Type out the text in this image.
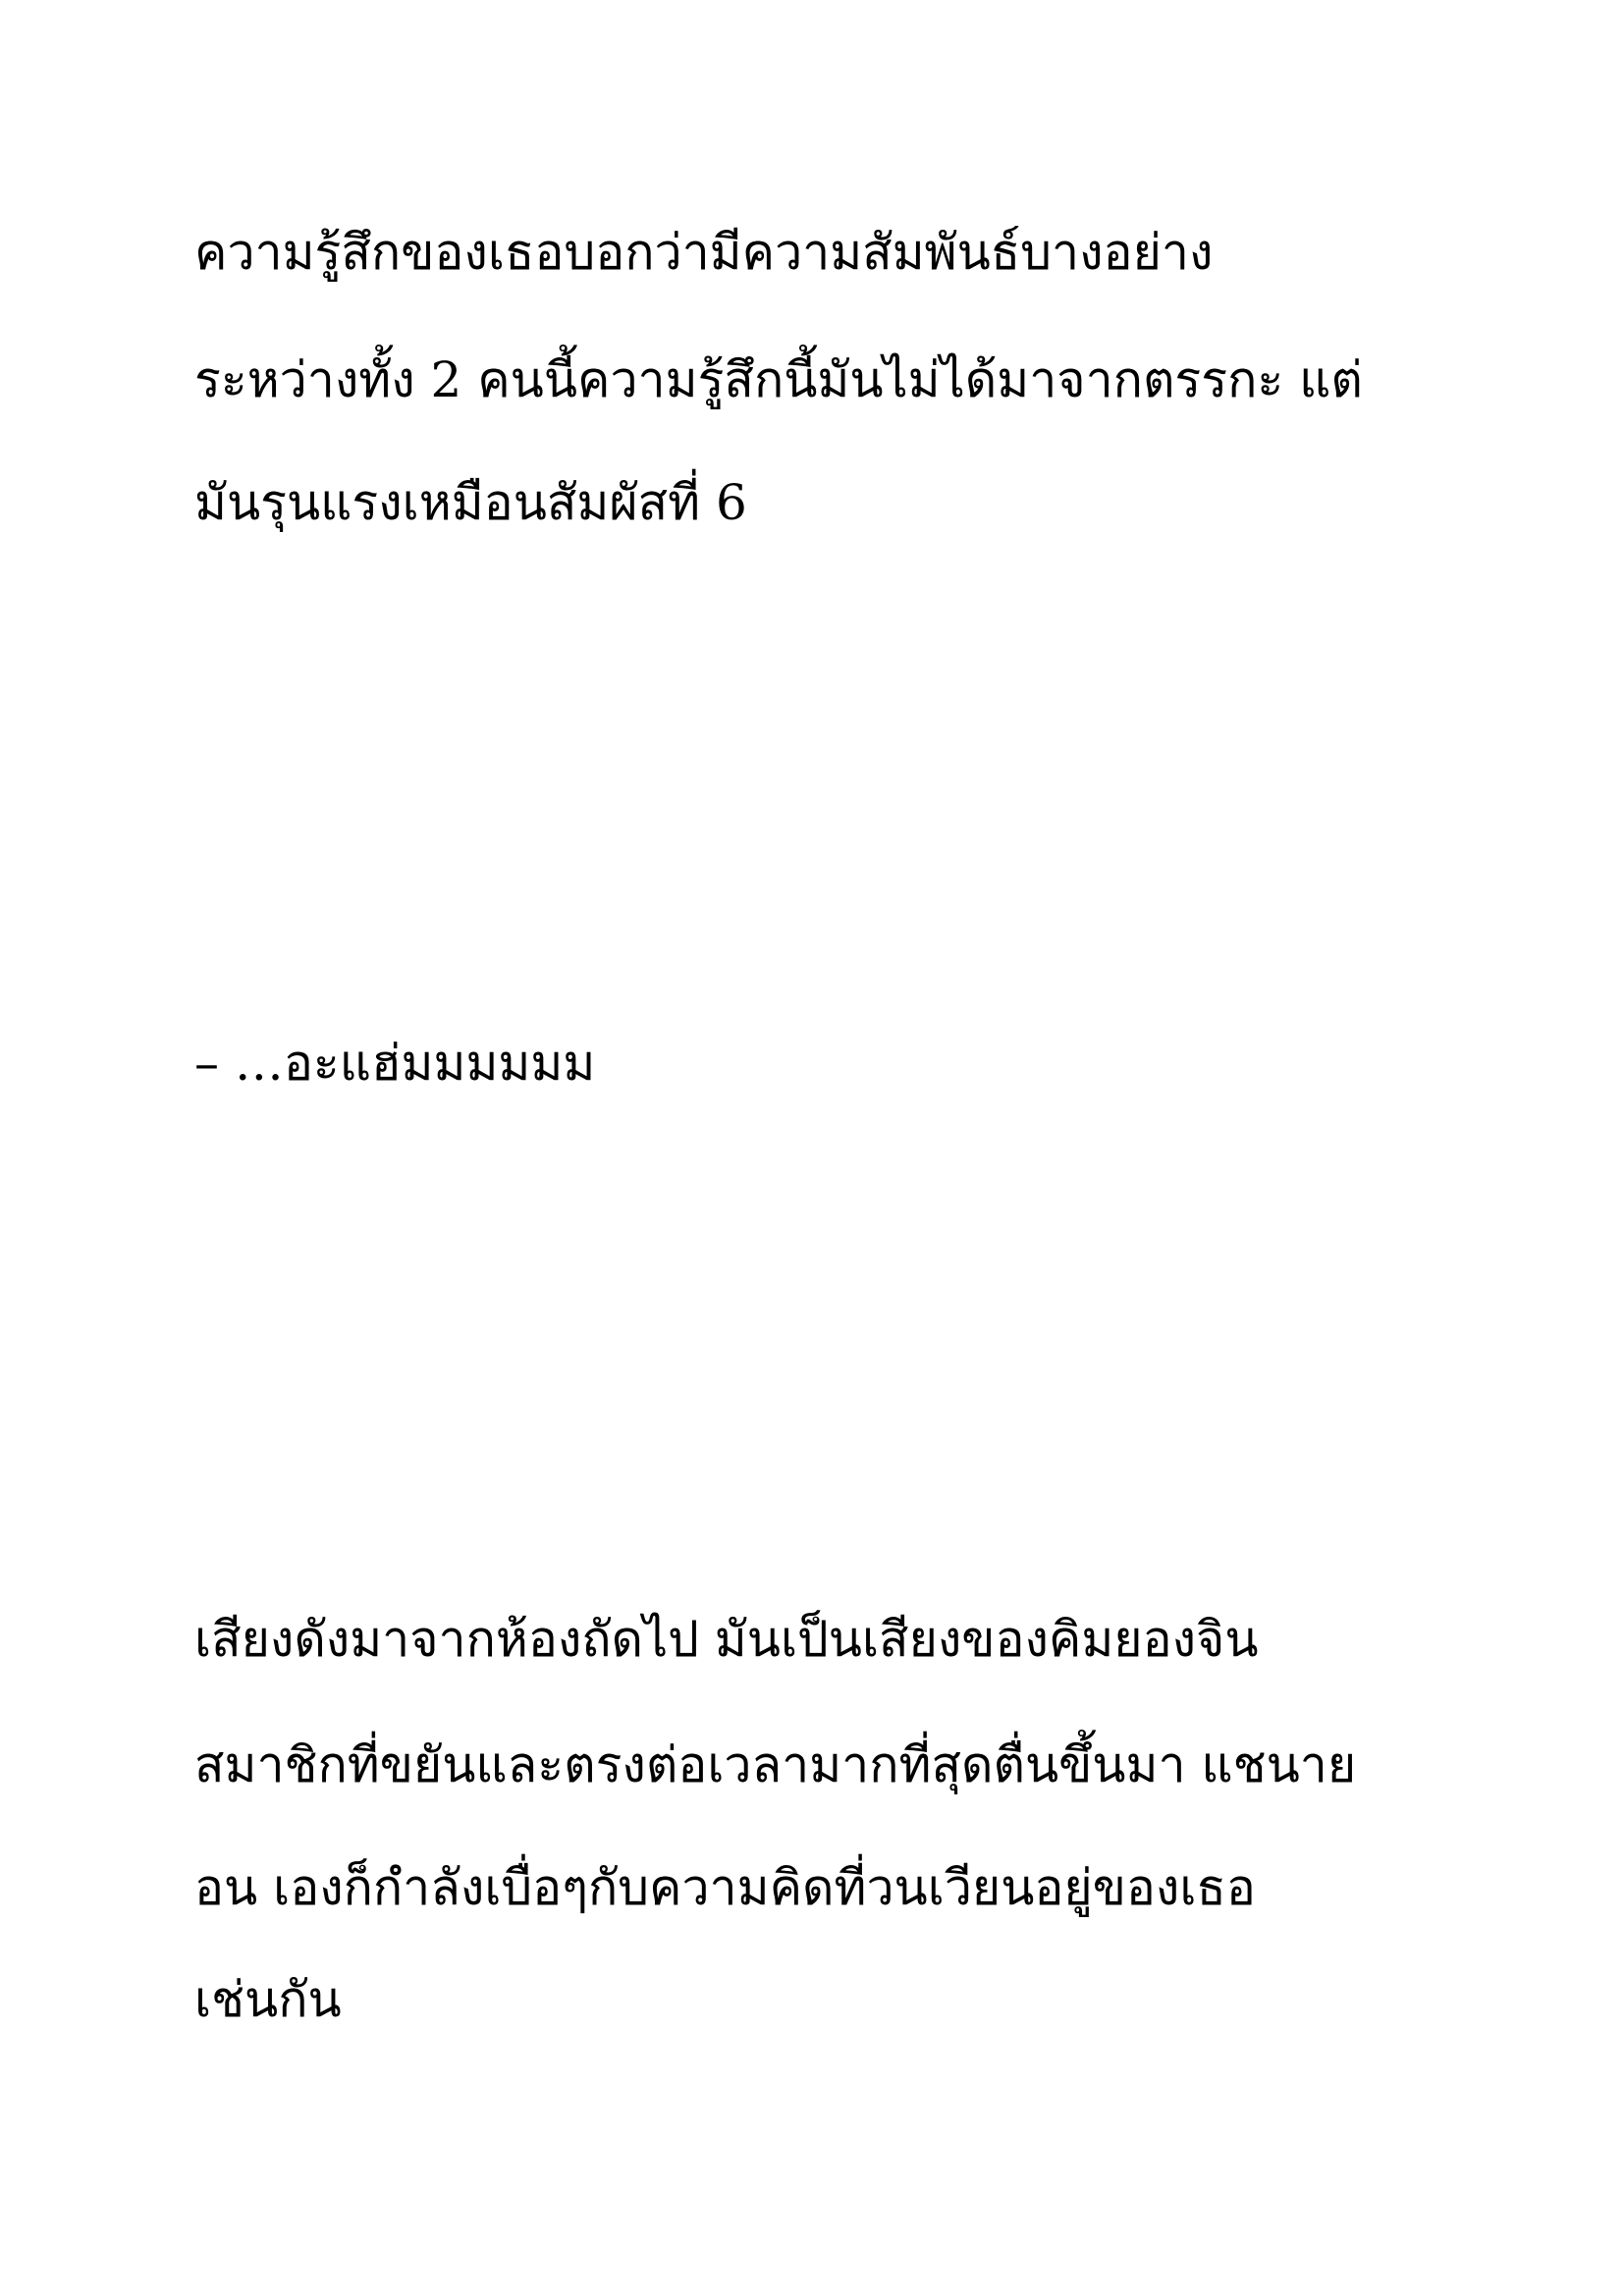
ความรู้สึกของเธอบอกว่ามีความสัมพันธ์บางอย่าง

ระหว่างทั้ง 2 คนนี้ความรู้สึกนี้มันไม่ได้มาจากตรรกะ แต่

มันรุนแรงเหมือนสัมผัสที่ 6

– …อะแฮ่มมมมมม

เสียงดังมาจากห้องถัดไป มันเป็นเสียงของคิมยองจิน

สมาชิกที่ขยันและตรงต่อเวลามากที่สุดตื่นขึ้นมา แชนาย

อน เองก็กำลังเบื่อๆกับความคิดที่วนเวียนอยู่ของเธอ

เช่นกัน
